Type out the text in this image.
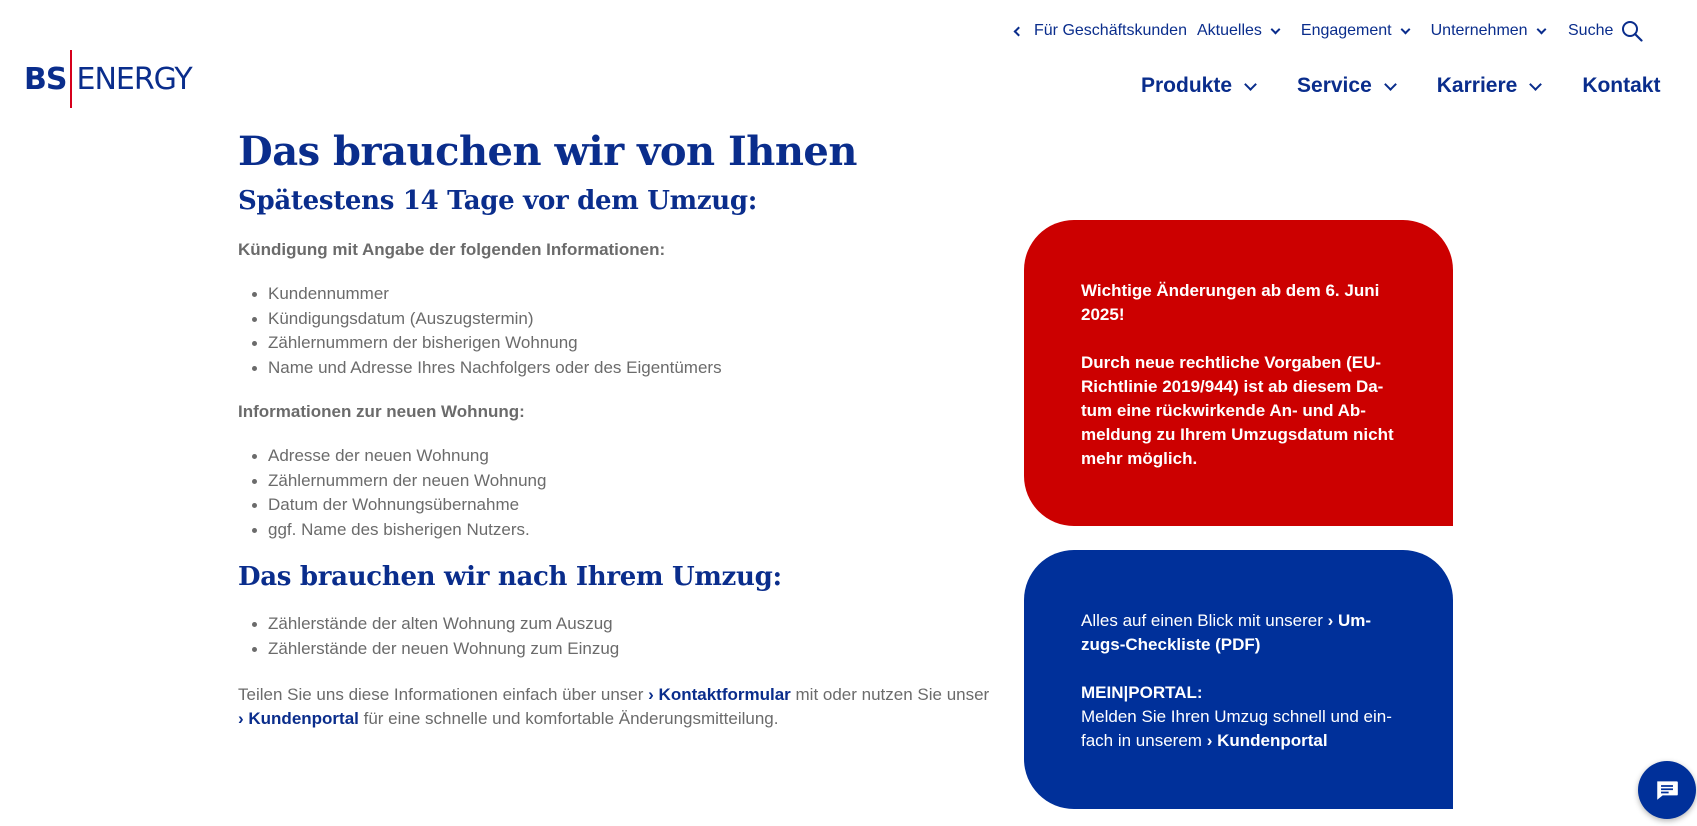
BS ENERGY
Für Geschäftskunden Aktuelles Engagement Unternehmen	Suche
Produkte	Service	Karriere	Kontakt
Das brauchen wir von Ihnen
Spätestens 14 Tage vor dem Umzug:
Kündigung mit Angabe der folgenden Informationen:
Kundennummer
Kündigungsdatum (Auszugstermin)
Zählernummern der bisherigen Wohnung
Name und Adresse Ihres Nachfolgers oder des Eigentümers
Informationen zur neuen Wohnung:
Adresse der neuen Wohnung
Zählernummern der neuen Wohnung
Datum der Wohnungsübernahme
ggf. Name des bisherigen Nutzers.
Das brauchen wir nach Ihrem Umzug:
Zählerstände der alten Wohnung zum Auszug
Zählerstände der neuen Wohnung zum Einzug
Teilen Sie uns diese Informationen einfach über unser › Kontaktformular mit oder nutzen Sie unser
› Kundenportal für eine schnelle und komfortable Änderungsmitteilung.
Wichtige Änderungen ab dem 6. Juni 2025!
Durch neue rechtliche Vorgaben (EU-Richtlinie 2019/944) ist ab diesem Da-tum eine rückwirkende An- und Ab-meldung zu Ihrem Umzugsdatum nicht mehr möglich.
Alles auf einen Blick mit unserer › Um-zugs-Checkliste (PDF)
MEIN|PORTAL:
Melden Sie Ihren Umzug schnell und ein-fach in unserem › Kundenportal
